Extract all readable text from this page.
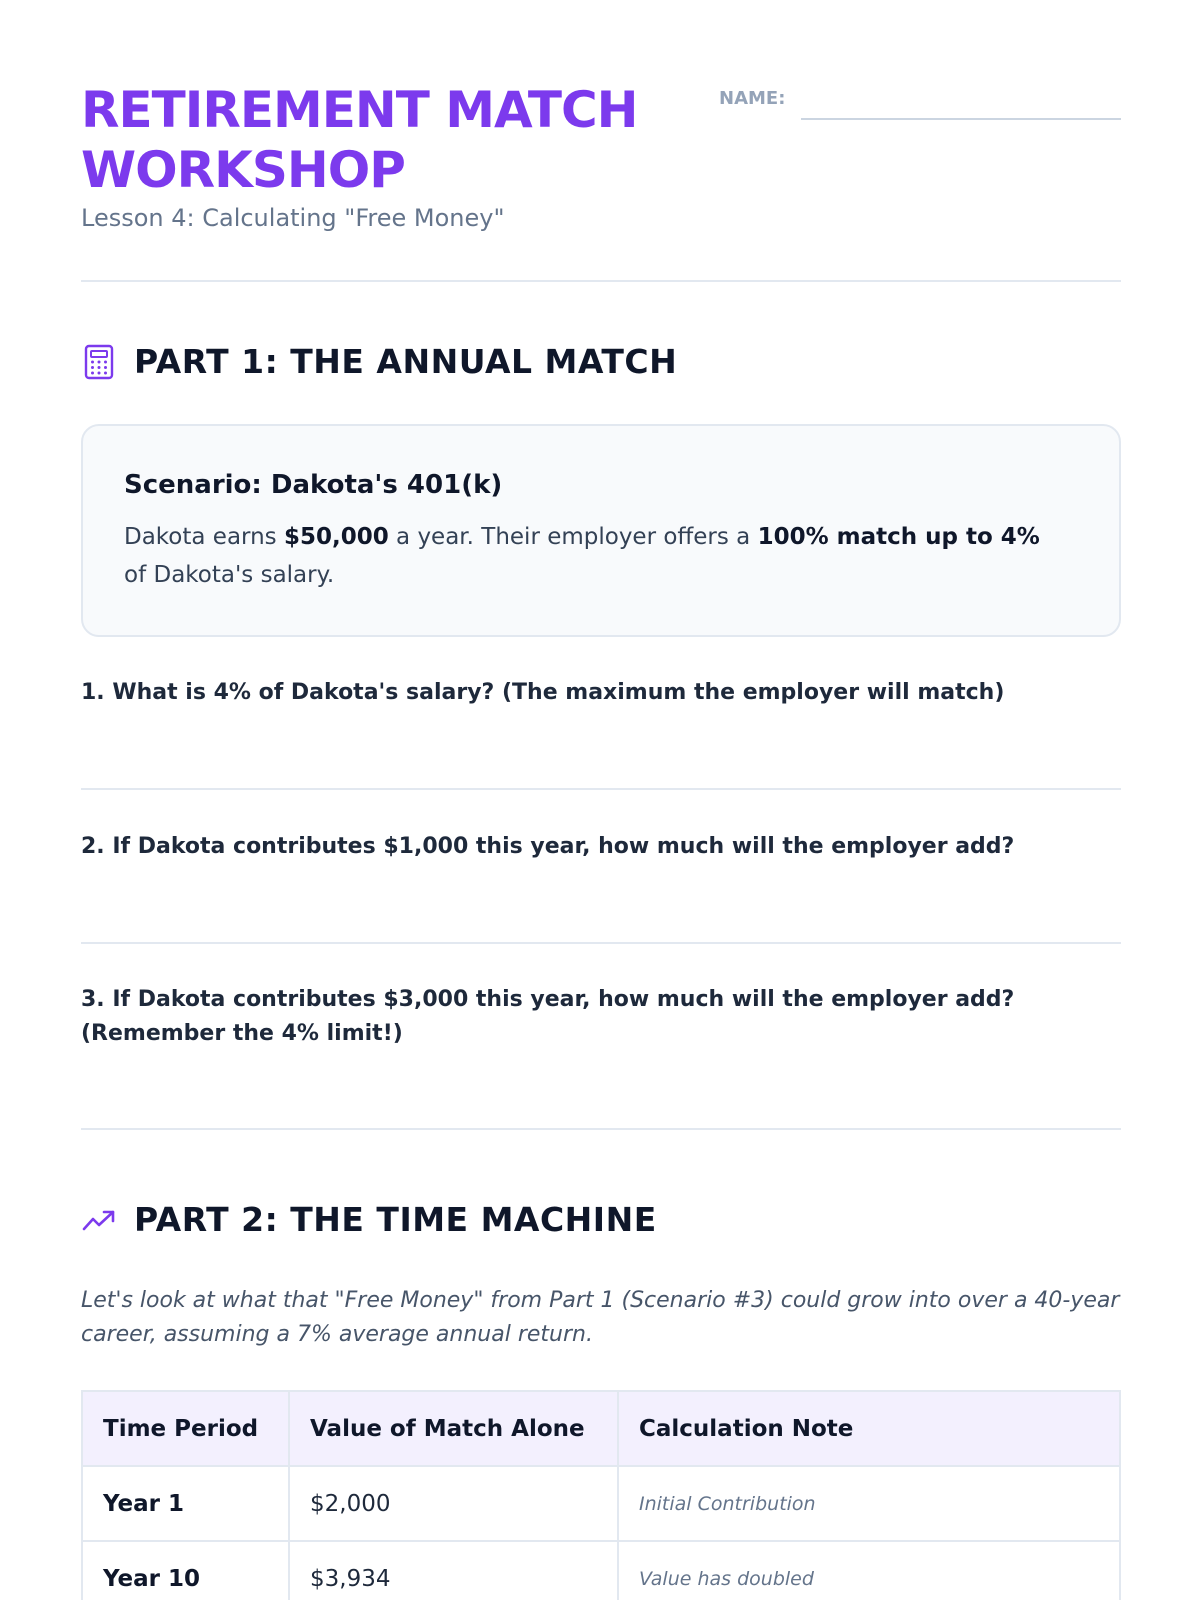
RETIREMENT MATCH WORKSHOP
Lesson 4: Calculating "Free Money"
NAME:
PART 1: THE ANNUAL MATCH
Scenario: Dakota's 401(k)

Dakota earns $50,000 a year. Their employer offers a 100% match up to 4% of Dakota's salary.

1. What is 4% of Dakota's salary? (The maximum the employer will match)
2. If Dakota contributes $1,000 this year, how much will the employer add?
3. If Dakota contributes $3,000 this year, how much will the employer add? (Remember the 4% limit!)
PART 2: THE TIME MACHINE

Let's look at what that "Free Money" from Part 1 (Scenario #3) could grow into over a 40-year career, assuming a 7% average annual return.

Time Period	Value of Match Alone	Calculation Note
Year 1	$2,000	Initial Contribution
Year 10	$3,934	Value has doubled
